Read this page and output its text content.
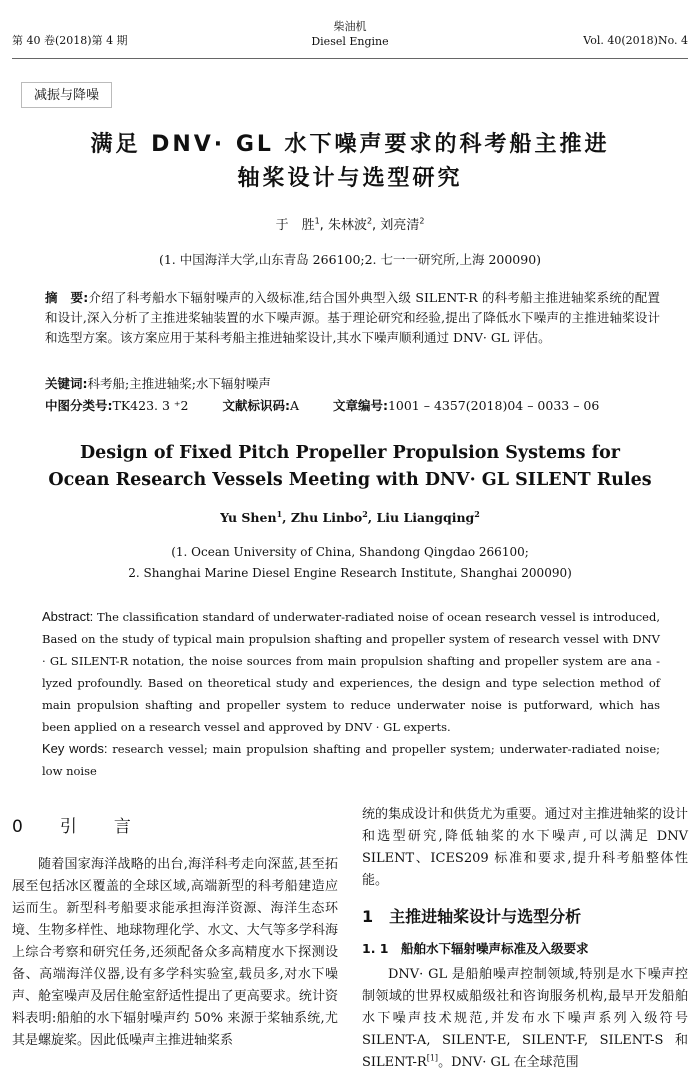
第 40 卷(2018)第 4 期
柴油机
Diesel Engine	Vol. 40(2018)No. 4
减振与降噪
满足 DNV· GL 水下噪声要求的科考船主推进
轴桨设计与选型研究
于　胜$^1$, 朱林波$^2$, 刘亮清$^2$
(1. 中国海洋大学,山东青岛 266100;2. 七一一研究所,上海 200090)
摘　要:介绍了科考船水下辐射噪声的入级标准,结合国外典型入级 SILENT-R 的科考船主推进轴桨系统的配置和设计,深入分析了主推进桨轴装置的水下噪声源。基于理论研究和经验,提出了降低水下噪声的主推进轴桨设计和选型方案。该方案应用于某科考船主推进轴桨设计,其水下噪声顺利通过 DNV· GL 评估。
关键词:科考船;主推进轴桨;水下辐射噪声
中图分类号:TK423. 3 ⁺2	文献标识码:A	文章编号:1001 – 4357(2018)04 – 0033 – 06
Design of Fixed Pitch Propeller Propulsion Systems for
Ocean Research Vessels Meeting with DNV· GL SILENT Rules
Yu Shen$^1$, Zhu Linbo$^2$, Liu Liangqing$^2$
(1. Ocean University of China, Shandong Qingdao 266100;
2. Shanghai Marine Diesel Engine Research Institute, Shanghai 200090)

Abstract: The classification standard of underwater-radiated noise of ocean research vessel is introduced, Based on the study of typical main propulsion shafting and propeller system of research vessel with DNV · GL SILENT-R notation, the noise sources from main propulsion shafting and propeller system are ana - lyzed profoundly. Based on theoretical study and experiences, the design and type selection method of main propulsion shafting and propeller system to reduce underwater noise is putforward, which has been applied on a research vessel and approved by DNV · GL experts.

Key words: research vessel; main propulsion shafting and propeller system; underwater-radiated noise; low noise

0　引　言

随着国家海洋战略的出台,海洋科考走向深蓝,甚至拓展至包括冰区覆盖的全球区域,高端新型的科考船建造应运而生。新型科考船要求能承担海洋资源、海洋生态环境、生物多样性、地球物理化学、水文、大气等多学科海上综合考察和研究任务,还须配备众多高精度水下探测设备、高端海洋仪器,设有多学科实验室,载员多,对水下噪声、舱室噪声及居住舱室舒适性提出了更高要求。统计资料表明:船舶的水下辐射噪声约 50% 来源于桨轴系统,尤其是螺旋桨。因此低噪声主推进轴桨系

统的集成设计和供货尤为重要。通过对主推进轴桨的设计和选型研究,降低轴桨的水下噪声,可以满足 DNV SILENT、ICES209 标准和要求,提升科考船整体性能。

1　主推进轴桨设计与选型分析
1. 1　船舶水下辐射噪声标准及入级要求

DNV· GL 是船舶噪声控制领域,特别是水下噪声控制领域的世界权威船级社和咨询服务机构,最早开发船舶水下噪声技术规范,并发布水下噪声系列入级符号 SILENT-A, SILENT-E, SILENT-F, SILENT-S 和 SILENT-R[1]。DNV· GL 在全球范围
